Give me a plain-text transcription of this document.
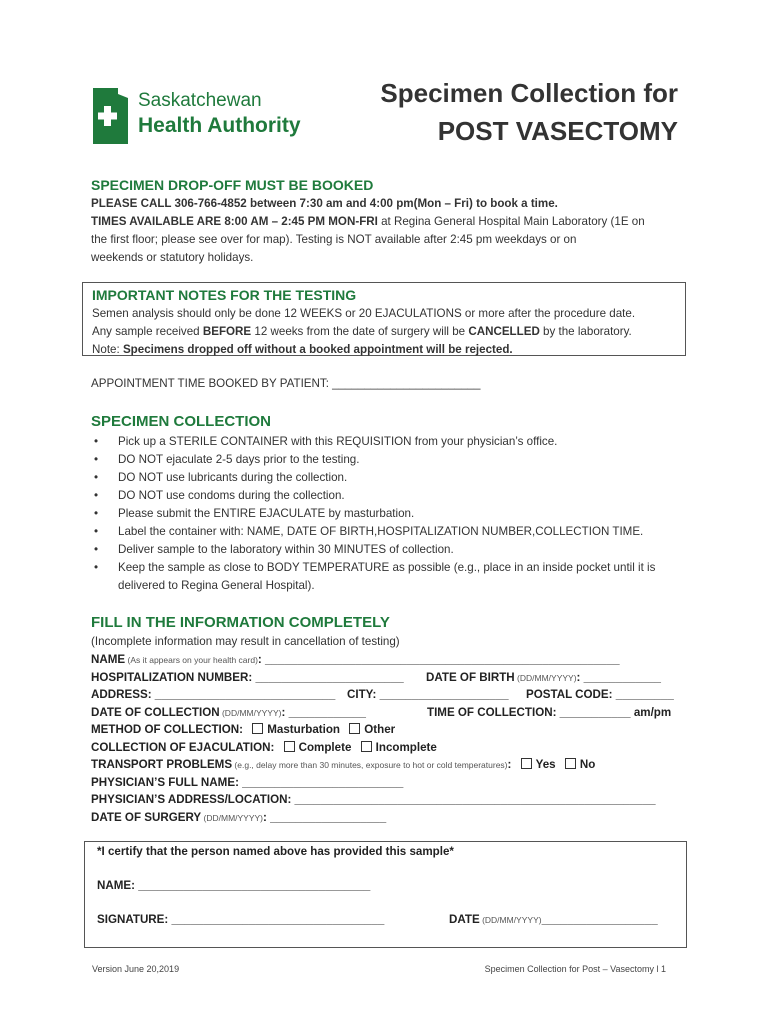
Saskatchewan
Health Authority
Specimen Collection for
POST VASECTOMY
SPECIMEN DROP-OFF MUST BE BOOKED
PLEASE CALL 306-766-4852 between 7:30 am and 4:00 pm(Mon – Fri) to book a time.
TIMES AVAILABLE ARE 8:00 AM – 2:45 PM MON-FRI at Regina General Hospital Main Laboratory (1E on
the first floor; please see over for map). Testing is NOT available after 2:45 pm weekdays or on
weekends or statutory holidays.
IMPORTANT NOTES FOR THE TESTING
Semen analysis should only be done 12 WEEKS or 20 EJACULATIONS or more after the procedure date.
Any sample received BEFORE 12 weeks from the date of surgery will be CANCELLED by the laboratory.
Note: Specimens dropped off without a booked appointment will be rejected.
APPOINTMENT TIME BOOKED BY PATIENT: _______________________
SPECIMEN COLLECTION
• Pick up a STERILE CONTAINER with this REQUISITION from your physician’s office.
• DO NOT ejaculate 2-5 days prior to the testing.
• DO NOT use lubricants during the collection.
• DO NOT use condoms during the collection.
• Please submit the ENTIRE EJACULATE by masturbation.
• Label the container with: NAME, DATE OF BIRTH,HOSPITALIZATION NUMBER,COLLECTION TIME.
• Deliver sample to the laboratory within 30 MINUTES of collection.
• Keep the sample as close to BODY TEMPERATURE as possible (e.g., place in an inside pocket until it is delivered to Regina General Hospital).
FILL IN THE INFORMATION COMPLETELY
(Incomplete information may result in cancellation of testing)
NAME (As it appears on your health card): _______________________________________________________
HOSPITALIZATION NUMBER: _______________________ DATE OF BIRTH (DD/MM/YYYY): ____________
ADDRESS: ____________________________ CITY: ____________________ POSTAL CODE: _________
DATE OF COLLECTION (DD/MM/YYYY): ____________	TIME OF COLLECTION: ___________ am/pm
METHOD OF COLLECTION: Masturbation Other
COLLECTION OF EJACULATION: Complete Incomplete
TRANSPORT PROBLEMS (e.g., delay more than 30 minutes, exposure to hot or cold temperatures): Yes No
PHYSICIAN’S FULL NAME: _________________________
PHYSICIAN’S ADDRESS/LOCATION: ________________________________________________________
DATE OF SURGERY (DD/MM/YYYY): __________________
*I certify that the person named above has provided this sample*
NAME: ____________________________________
SIGNATURE: _________________________________	DATE (DD/MM/YYYY)__________________
Version June 20,2019	Specimen Collection for Post – Vasectomy l 1
